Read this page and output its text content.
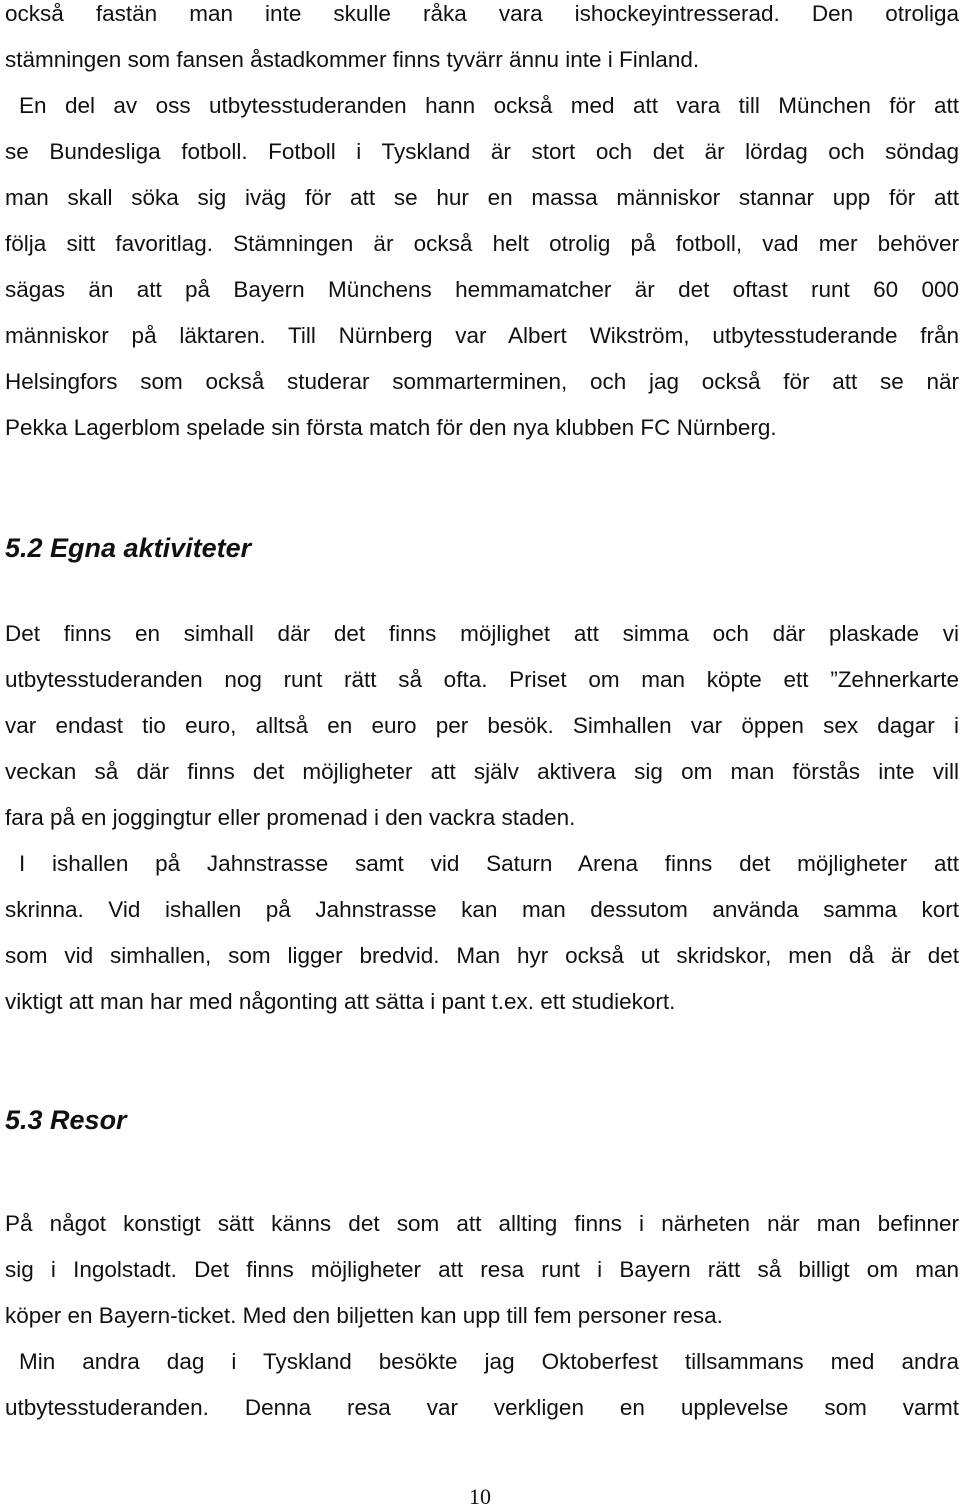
också fastän man inte skulle råka vara ishockeyintresserad. Den otroliga
stämningen som fansen åstadkommer finns tyvärr ännu inte i Finland.
En del av oss utbytesstuderanden hann också med att vara till München för att
se Bundesliga fotboll. Fotboll i Tyskland är stort och det är lördag och söndag
man skall söka sig iväg för att se hur en massa människor stannar upp för att
följa sitt favoritlag. Stämningen är också helt otrolig på fotboll, vad mer behöver
sägas än att på Bayern Münchens hemmamatcher är det oftast runt 60 000
människor på läktaren. Till Nürnberg var Albert Wikström, utbytesstuderande från
Helsingfors som också studerar sommarterminen, och jag också för att se när
Pekka Lagerblom spelade sin första match för den nya klubben FC Nürnberg.
5.2 Egna aktiviteter
Det finns en simhall där det finns möjlighet att simma och där plaskade vi
utbytesstuderanden nog runt rätt så ofta. Priset om man köpte ett ”Zehnerkarte
var endast tio euro, alltså en euro per besök. Simhallen var öppen sex dagar i
veckan så där finns det möjligheter att själv aktivera sig om man förstås inte vill
fara på en joggingtur eller promenad i den vackra staden.
I ishallen på Jahnstrasse samt vid Saturn Arena finns det möjligheter att
skrinna. Vid ishallen på Jahnstrasse kan man dessutom använda samma kort
som vid simhallen, som ligger bredvid. Man hyr också ut skridskor, men då är det
viktigt att man har med någonting att sätta i pant t.ex. ett studiekort.
5.3 Resor
På något konstigt sätt känns det som att allting finns i närheten när man befinner
sig i Ingolstadt. Det finns möjligheter att resa runt i Bayern rätt så billigt om man
köper en Bayern-ticket. Med den biljetten kan upp till fem personer resa.
Min andra dag i Tyskland besökte jag Oktoberfest tillsammans med andra
utbytesstuderanden. Denna resa var verkligen en upplevelse som varmt
10
